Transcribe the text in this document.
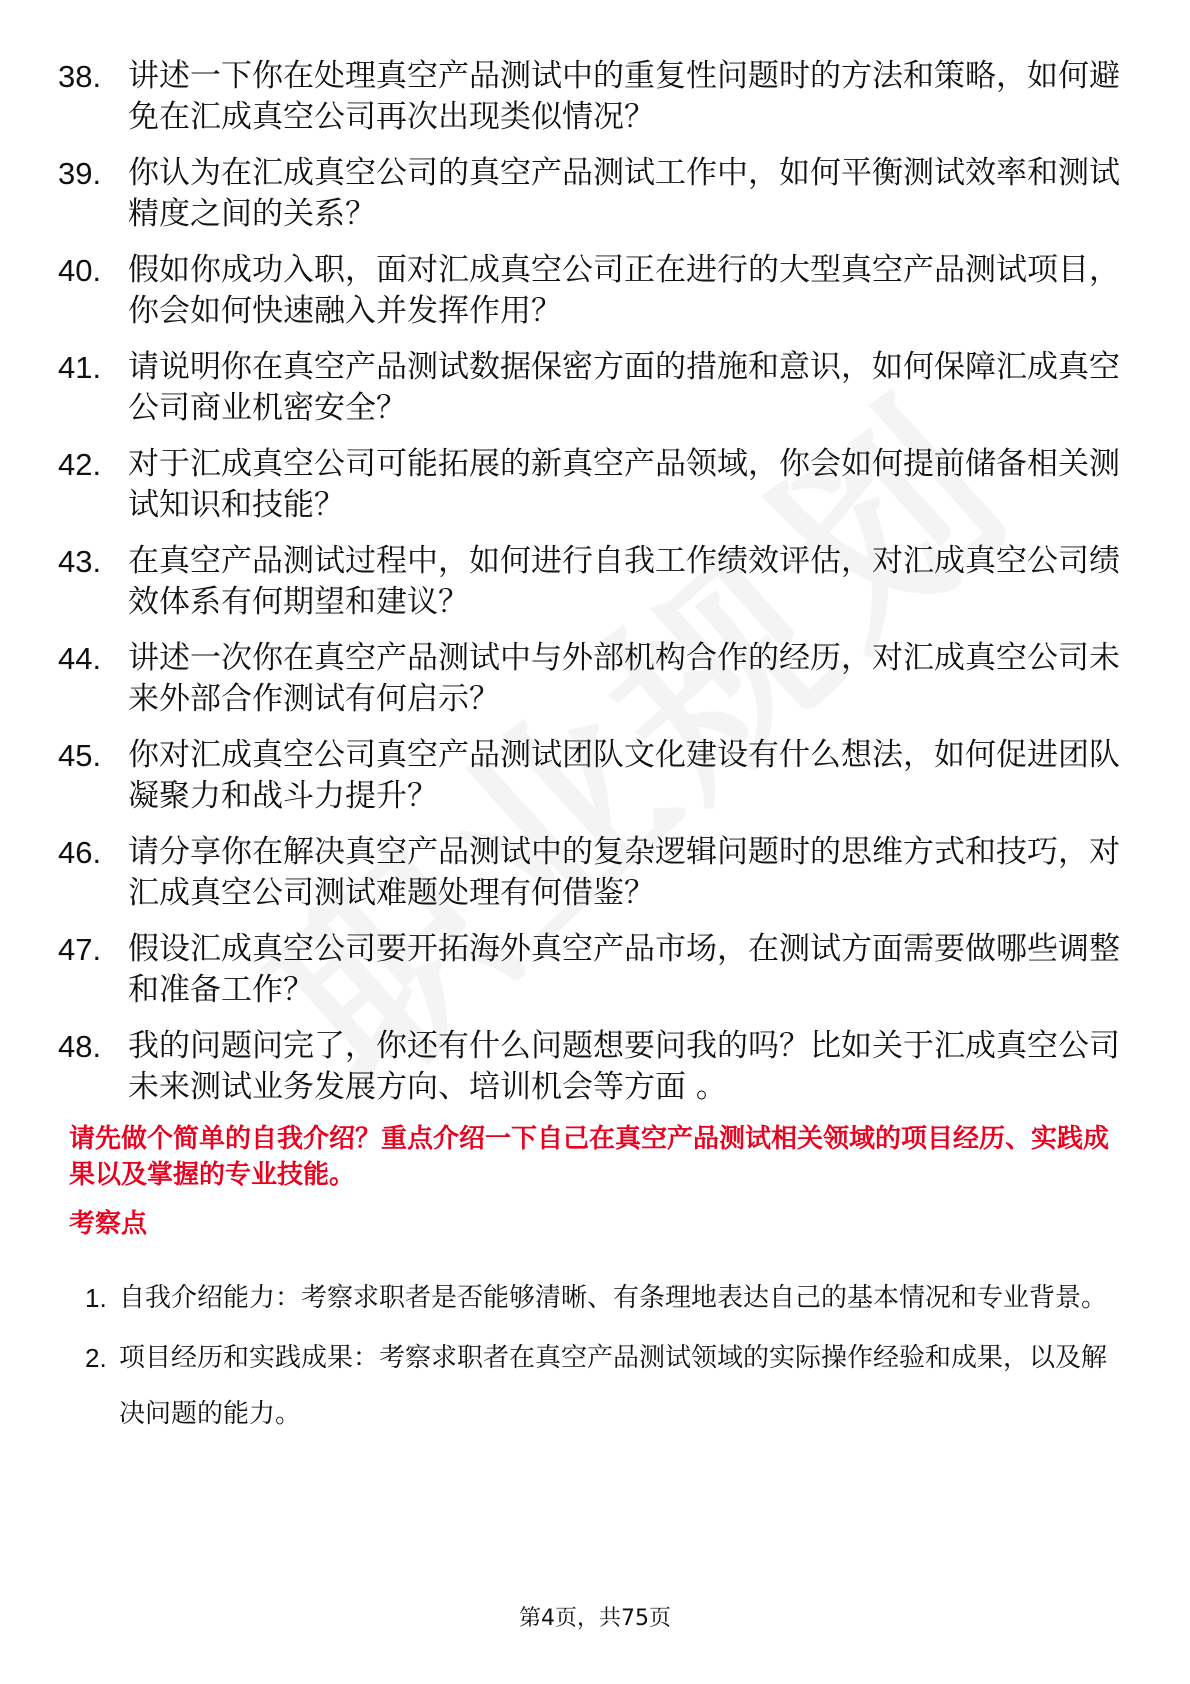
38. 讲述一下你在处理真空产品测试中的重复性问题时的方法和策略，如何避免在汇成真空公司再次出现类似情况？
39. 你认为在汇成真空公司的真空产品测试工作中，如何平衡测试效率和测试精度之间的关系？
40. 假如你成功入职，面对汇成真空公司正在进行的大型真空产品测试项目，你会如何快速融入并发挥作用？
41. 请说明你在真空产品测试数据保密方面的措施和意识，如何保障汇成真空公司商业机密安全？
42. 对于汇成真空公司可能拓展的新真空产品领域，你会如何提前储备相关测试知识和技能？
43. 在真空产品测试过程中，如何进行自我工作绩效评估，对汇成真空公司绩效体系有何期望和建议？
44. 讲述一次你在真空产品测试中与外部机构合作的经历，对汇成真空公司未来外部合作测试有何启示？
45. 你对汇成真空公司真空产品测试团队文化建设有什么想法，如何促进团队凝聚力和战斗力提升？
46. 请分享你在解决真空产品测试中的复杂逻辑问题时的思维方式和技巧，对汇成真空公司测试难题处理有何借鉴？
47. 假设汇成真空公司要开拓海外真空产品市场，在测试方面需要做哪些调整和准备工作？
48. 我的问题问完了，你还有什么问题想要问我的吗？比如关于汇成真空公司未来测试业务发展方向、培训机会等方面 。

请先做个简单的自我介绍？重点介绍一下自己在真空产品测试相关领域的项目经历、实践成果以及掌握的专业技能。

考察点

1. 自我介绍能力：考察求职者是否能够清晰、有条理地表达自己的基本情况和专业背景。
2. 项目经历和实践成果：考察求职者在真空产品测试领域的实际操作经验和成果，以及解决问题的能力。
第4页，共75页
